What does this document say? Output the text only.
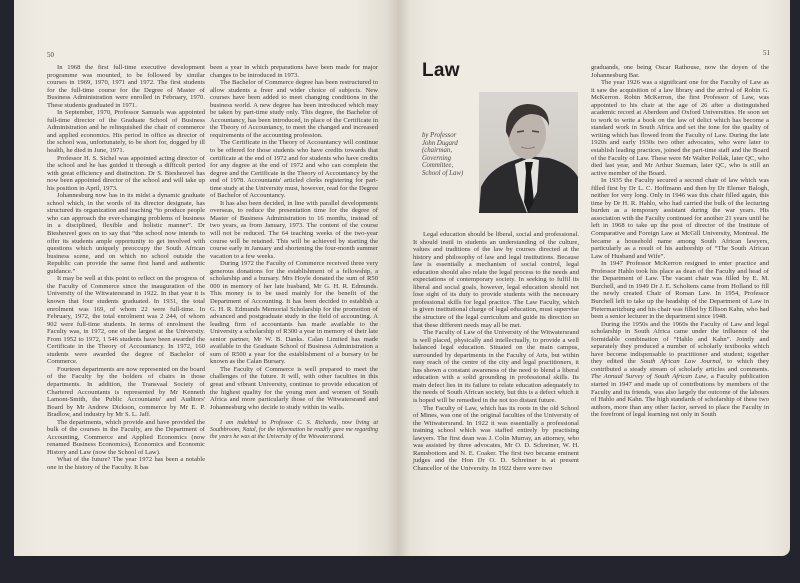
50

In 1968 the first full-time executive development programme was mounted, to be followed by similar courses in 1969, 1970, 1971 and 1972. The first students for the full-time course for the Degree of Master of Business Administration were enrolled in February, 1970. These students graduated in 1971.

In September, 1970, Professor Samuels was appointed full-time director of the Graduate School of Business Administration and he relinquished the chair of commerce and applied economics. His period in office as director of the school was, unfortunately, to be short for, dogged by ill health, he died in June, 1971.

Professor H. S. Sichel was appointed acting director of the school and he has guided it through a difficult period with great efficiency and distinction. Dr S. Biesheuvel has now been appointed director of the school and will take up his position in April, 1973.

Johannesburg now has in its midst a dynamic graduate school which, in the words of its director designate, has structured its organization and teaching “to produce people who can approach the ever-changing problems of business in a disciplined, flexible and holistic manner”. Dr Biesheuvel goes on to say that “the school now intends to offer its students ample opportunity to get involved with questions which uniquely preoccupy the South African business scene, and on which no school outside the Republic can provide the same first hand and authentic guidance.”

It may be well at this point to reflect on the progress of the Faculty of Commerce since the inauguration of the University of the Witwatersrand in 1922. In that year it is known that four students graduated. In 1931, the total enrolment was 169, of whom 22 were full-time. In February, 1972, the total enrolment was 2 244, of whom 902 were full-time students. In terms of enrolment the Faculty was, in 1972, one of the largest at the University. From 1952 to 1972, 1 546 students have been awarded the Certificate in the Theory of Accountancy. In 1972, 160 students were awarded the degree of Bachelor of Commerce.

Fourteen departments are now represented on the board of the Faculty by the holders of chairs in those departments. In addition, the Transvaal Society of Chartered Accountants is represented by Mr Kenneth Lamont-Smith, the Public Accountants' and Auditors' Board by Mr Andrew Dickson, commerce by Mr E. P. Bradlow, and industry by Mr S. L. Jaff.

The departments, which provide and have provided the bulk of the courses in the Faculty, are the Department of Accounting, Commerce and Applied Economics (now renamed Business Economics), Economics and Economic History and Law (now the School of Law).

What of the future? The year 1972 has been a notable one in the history of the Faculty. It has

been a year in which preparations have been made for major changes to be introduced in 1973.

The Bachelor of Commerce degree has been restructured to allow students a freer and wider choice of subjects. New courses have been added to meet changing conditions in the business world. A new degree has been introduced which may be taken by part-time study only. This degree, the Bachelor of Accountancy, has been introduced, in place of the Certificate in the Theory of Accountancy, to meet the changed and increased requirements of the accounting profession.

The Certificate in the Theory of Accountancy will continue to be offered for those students who have credits towards that certificate at the end of 1972 and for students who have credits for any degree at the end of 1972 and who can complete the degree and the Certificate in the Theory of Accountancy by the end of 1978. Accountants' articled clerks registering for part-time study at the University must, however, read for the Degree of Bachelor of Accountancy.

It has also been decided, in line with parallel developments overseas, to reduce the presentation time for the degree of Master of Business Administration to 16 months, instead of two years, as from January, 1973. The content of the course will not be reduced. The 64 teaching weeks of the two-year course will be retained. This will be achieved by starting the course early in January and shortening the four-month summer vacation to a few weeks.

During 1972 the Faculty of Commerce received three very generous donations for the establishment of a fellowship, a scholarship and a bursary. Mrs Hoyle donated the sum of R50 000 in memory of her late husband, Mr G. H. R. Edmunds. This money is to be used mainly for the benefit of the Department of Accounting. It has been decided to establish a G. H. R. Edmunds Memorial Scholarship for the promotion of advanced and postgraduate study in the field of accounting. A leading firm of accountants has made available to the University a scholarship of R300 a year in memory of their late senior partner, Mr W. B. Danks. Calan Limited has made available to the Graduate School of Business Administration a sum of R500 a year for the establishment of a bursary to be known as the Calan Bursary.

The Faculty of Commerce is well prepared to meet the challenges of the future. It will, with other faculties in this great and vibrant University, continue to provide education of the highest quality for the young men and women of South Africa and more particularly those of the Witwatersrand and Johannesburg who decide to study within its walls.

I am indebted to Professor C. S. Richards, now living at Southbroom, Natal, for the information he readily gave me regarding the years he was at the University of the Witwatersrand.

51
Law
by Professor
John Dugard
(chairman,
Governing
Committee,
School of Law)

Legal education should be liberal, social and professional. It should instil in students an understanding of the culture, values and traditions of the law by courses directed at the history and philosophy of law and legal institutions. Because law is essentially a mechanism of social control, legal education should also relate the legal process to the needs and expectations of contemporary society. In seeking to fulfil its liberal and social goals, however, legal education should not lose sight of its duty to provide students with the necessary professional skills for legal practice. The Law Faculty, which is given institutional charge of legal education, must supervise the structure of the legal curriculum and guide its direction so that these different needs may all be met.

The Faculty of Law of the University of the Witwatersrand is well placed, physically and intellectually, to provide a well balanced legal education. Situated on the main campus, surrounded by departments in the Faculty of Arts, but within easy reach of the centre of the city and legal practitioners, it has shown a constant awareness of the need to blend a liberal education with a solid grounding in professional skills. Its main defect lies in its failure to relate education adequately to the needs of South African society, but this is a defect which it is hoped will be remedied in the not too distant future.

The Faculty of Law, which has its roots in the old School of Mines, was one of the original faculties of the University of the Witwatersrand. In 1922 it was essentially a professional training school which was staffed entirely by practising lawyers. The first dean was J. Colin Murray, an attorney, who was assisted by three advocates, Mr O. D. Schreiner, W. H. Ramsbottom and N. E. Coaker. The first two became eminent judges and the Hon Dr O. D. Schreiner is at present Chancellor of the University. In 1922 there were two

graduands, one being Oscar Rathouse, now the doyen of the Johannesburg Bar.

The year 1926 was a significant one for the Faculty of Law as it saw the acquisition of a law library and the arrival of Robin G. McKerron. Robin McKerron, the first Professor of Law, was appointed to his chair at the age of 26 after a distinguished academic record at Aberdeen and Oxford Universities. He soon set to work to write a book on the law of delict which has become a standard work in South Africa and set the tone for the quality of writing which has flowed from the Faculty of Law. During the late 1920s and early 1930s two other advocates, who were later to establish leading practices, joined the part-time staff and the Board of the Faculty of Law. These were Mr Walter Pollak, later QC, who died last year, and Mr Arthur Suzman, later QC, who is still an active member of the Board.

In 1935 the Faculty secured a second chair of law which was filled first by Dr L. C. Hoffmann and then by Dr Elemer Balogh, neither for very long. Only in 1946 was this chair filled again, this time by Dr H. R. Hahlo, who had carried the bulk of the lecturing burden as a temporary assistant during the war years. His association with the Faculty continued for another 21 years until he left in 1968 to take up the post of director of the Institute of Comparative and Foreign Law at McGill University, Montreal. He became a household name among South African lawyers, particularly as a result of his authorship of “The South African Law of Husband and Wife”.

In 1947 Professor McKerron resigned to enter practice and Professor Hahlo took his place as dean of the Faculty and head of the Department of Law. The vacant chair was filled by E. M. Burchell, and in 1949 Dr J. E. Scholtens came from Holland to fill the newly created Chair of Roman Law. In 1954, Professor Burchell left to take up the headship of the Department of Law in Pietermaritzburg and his chair was filled by Ellison Kahn, who had been a senior lecturer in the department since 1948.

During the 1950s and the 1960s the Faculty of Law and legal scholarship in South Africa came under the influence of the formidable combination of “Hahlo and Kahn”. Jointly and separately they produced a number of scholarly textbooks which have become indispensable to practitioner and student; together they edited the South African Law Journal, to which they contributed a steady stream of scholarly articles and comments. The Annual Survey of South African Law, a Faculty publication started in 1947 and made up of contributions by members of the Faculty and its friends, was also largely the outcome of the labours of Hahlo and Kahn. The high standards of scholarship of these two authors, more than any other factor, served to place the Faculty in the forefront of legal learning not only in South
